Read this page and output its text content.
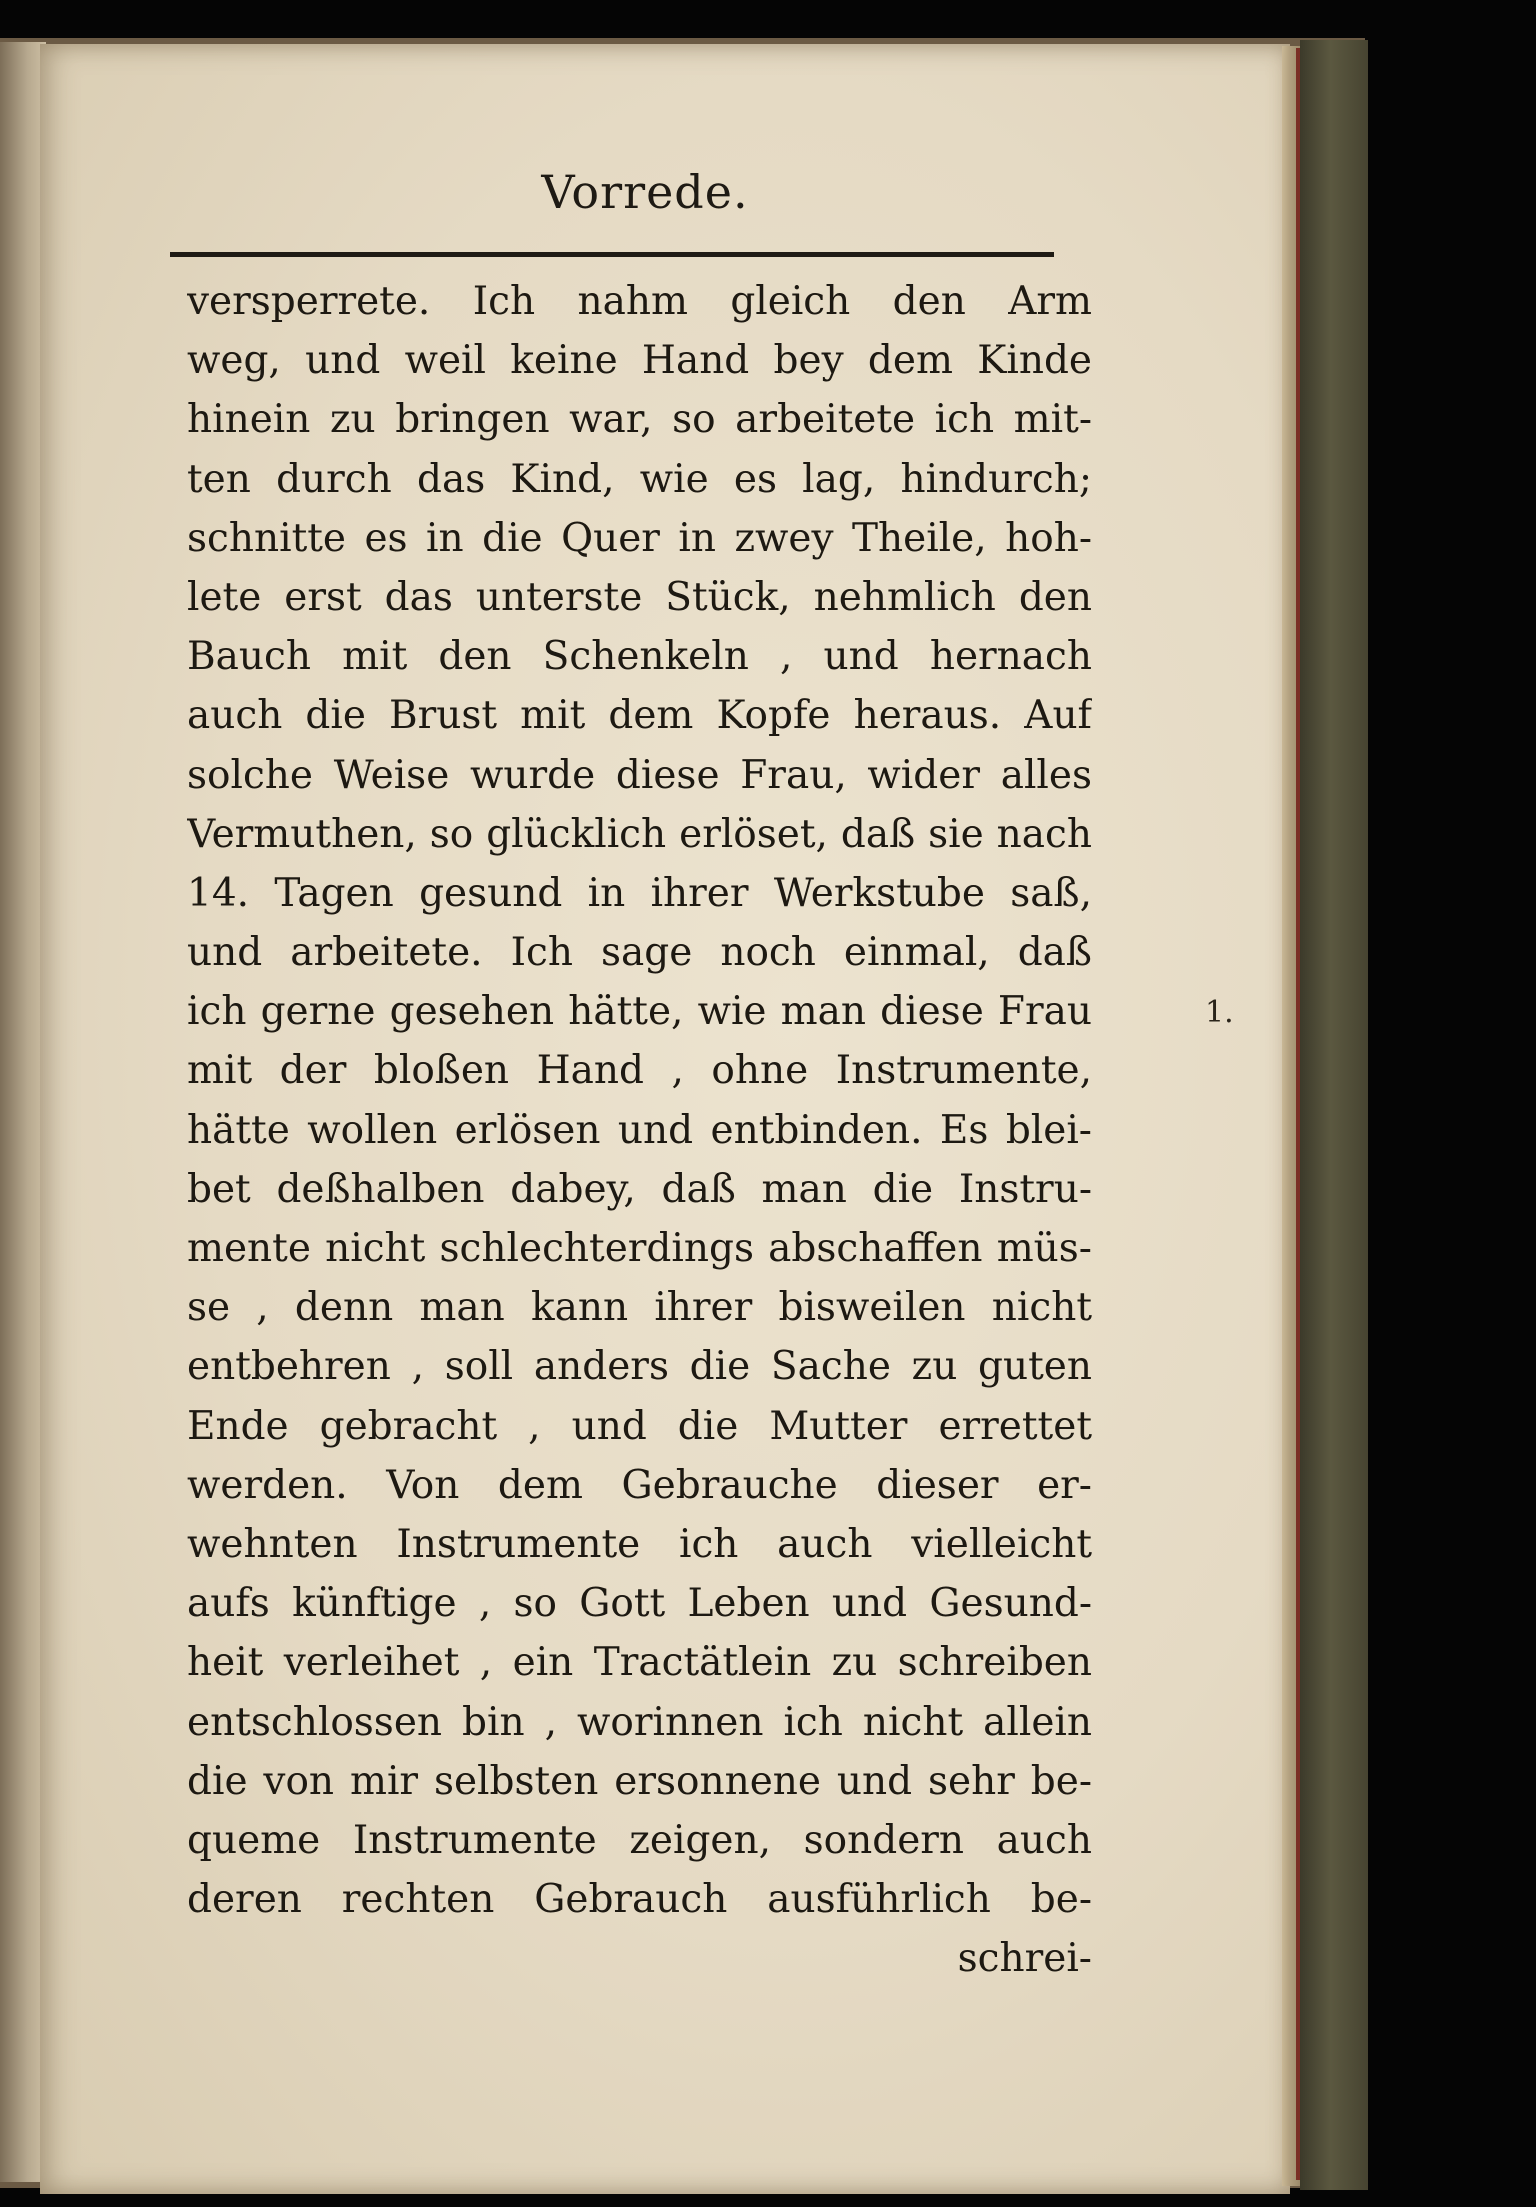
Vorrede.
versperrete. Ich nahm gleich den Arm
weg, und weil keine Hand bey dem Kinde
hinein zu bringen war, so arbeitete ich mit-
ten durch das Kind, wie es lag, hindurch;
schnitte es in die Quer in zwey Theile, hoh-
lete erst das unterste Stück, nehmlich den
Bauch mit den Schenkeln , und hernach
auch die Brust mit dem Kopfe heraus. Auf
solche Weise wurde diese Frau, wider alles
Vermuthen, so glücklich erlöset, daß sie nach
14. Tagen gesund in ihrer Werkstube saß,
und arbeitete. Ich sage noch einmal, daß
ich gerne gesehen hätte, wie man diese Frau
mit der bloßen Hand , ohne Instrumente,
hätte wollen erlösen und entbinden. Es blei-
bet deßhalben dabey, daß man die Instru-
mente nicht schlechterdings abschaffen müs-
se , denn man kann ihrer bisweilen nicht
entbehren , soll anders die Sache zu guten
Ende gebracht , und die Mutter errettet
werden. Von dem Gebrauche dieser er-
wehnten Instrumente ich auch vielleicht
aufs künftige , so Gott Leben und Gesund-
heit verleihet , ein Tractätlein zu schreiben
entschlossen bin , worinnen ich nicht allein
die von mir selbsten ersonnene und sehr be-
queme Instrumente zeigen, sondern auch
deren rechten Gebrauch ausführlich be-
schrei-
1.
